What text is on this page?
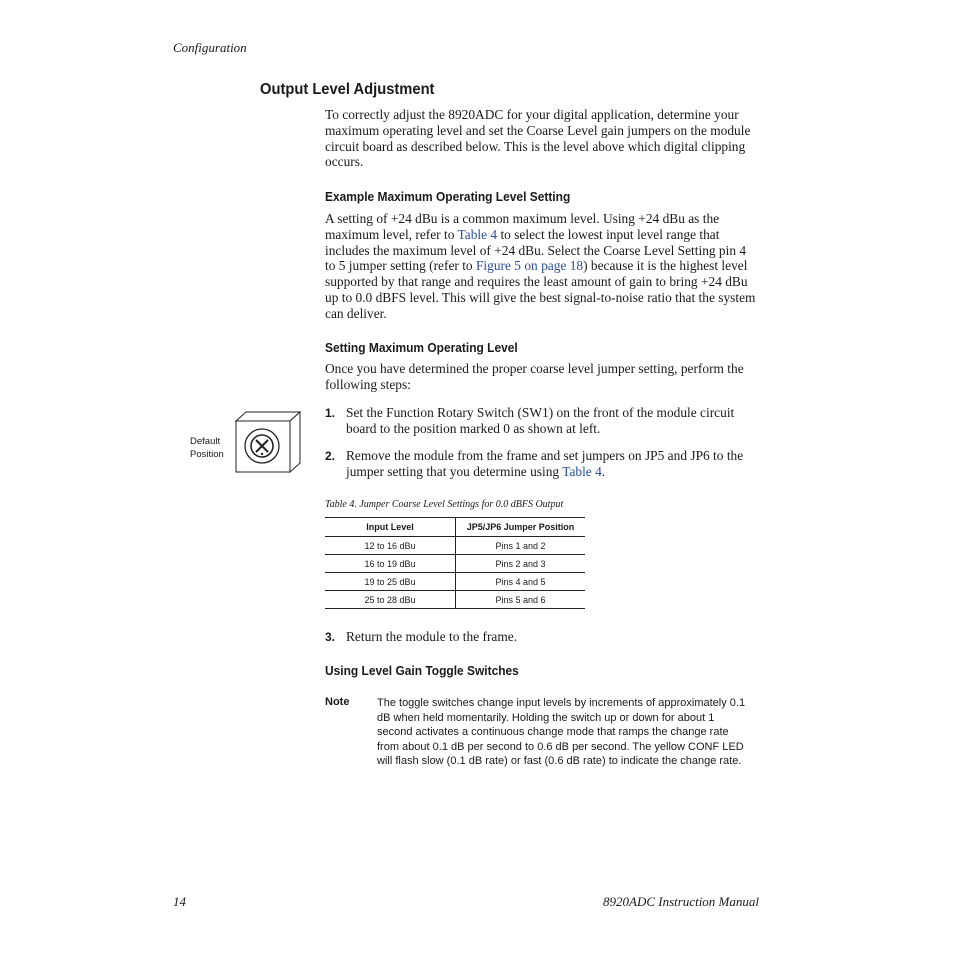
Configuration
Output Level Adjustment
To correctly adjust the 8920ADC for your digital application, determine your maximum operating level and set the Coarse Level gain jumpers on the module circuit board as described below. This is the level above which digital clipping occurs.
Example Maximum Operating Level Setting
A setting of +24 dBu is a common maximum level. Using +24 dBu as the maximum level, refer to Table 4 to select the lowest input level range that includes the maximum level of +24 dBu. Select the Coarse Level Setting pin 4 to 5 jumper setting (refer to Figure 5 on page 18) because it is the highest level supported by that range and requires the least amount of gain to bring +24 dBu up to 0.0 dBFS level. This will give the best signal-to-noise ratio that the system can deliver.
Setting Maximum Operating Level
Once you have determined the proper coarse level jumper setting, perform the following steps:
Default
Position
1. Set the Function Rotary Switch (SW1) on the front of the module circuit board to the position marked 0 as shown at left.
2. Remove the module from the frame and set jumpers on JP5 and JP6 to the jumper setting that you determine using Table 4.
Table 4. Jumper Coarse Level Settings for 0.0 dBFS Output
Input Level	JP5/JP6 Jumper Position
12 to 16 dBu	Pins 1 and 2
16 to 19 dBu	Pins 2 and 3
19 to 25 dBu	Pins 4 and 5
25 to 28 dBu	Pins 5 and 6
3. Return the module to the frame.
Using Level Gain Toggle Switches
Note	The toggle switches change input levels by increments of approximately 0.1 dB when held momentarily. Holding the switch up or down for about 1 second activates a continuous change mode that ramps the change rate from about 0.1 dB per second to 0.6 dB per second. The yellow CONF LED will flash slow (0.1 dB rate) or fast (0.6 dB rate) to indicate the change rate.
14	8920ADC Instruction Manual
